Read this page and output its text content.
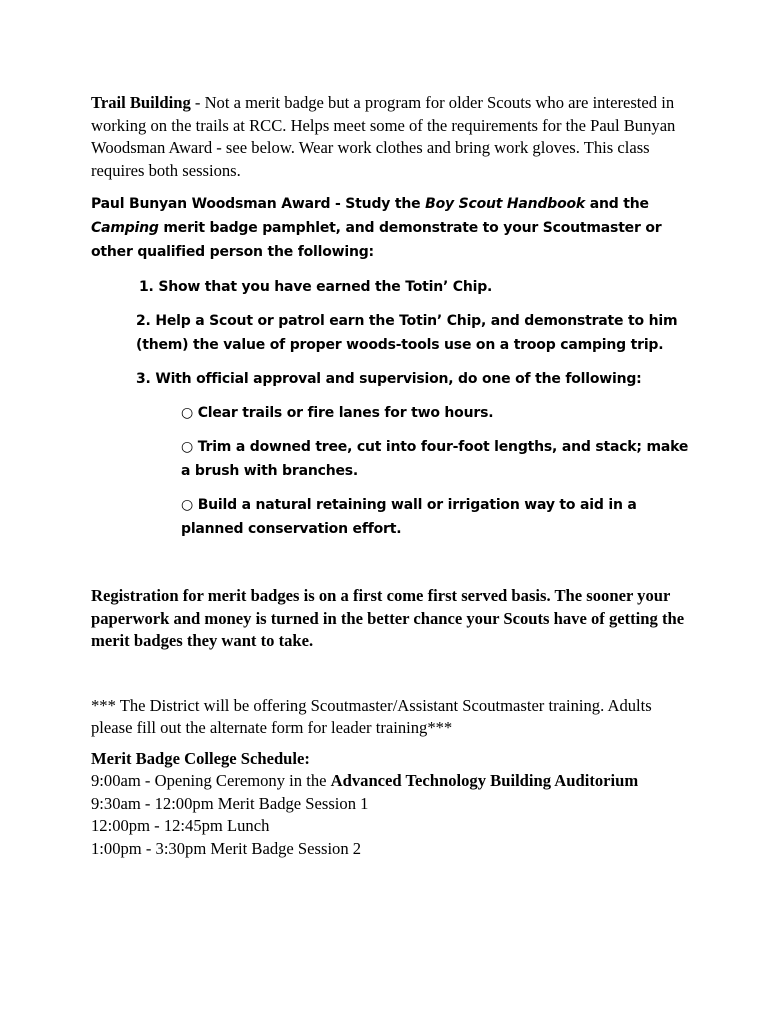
Trail Building - Not a merit badge but a program for older Scouts who are interested in working on the trails at RCC. Helps meet some of the requirements for the Paul Bunyan Woodsman Award - see below. Wear work clothes and bring work gloves. This class requires both sessions.

Paul Bunyan Woodsman Award - Study the Boy Scout Handbook and the Camping merit badge pamphlet, and demonstrate to your Scoutmaster or other qualified person the following:

1. Show that you have earned the Totin’ Chip.

2. Help a Scout or patrol earn the Totin’ Chip, and demonstrate to him (them) the value of proper woods-tools use on a troop camping trip.

3. With official approval and supervision, do one of the following:

○ Clear trails or fire lanes for two hours.

○ Trim a downed tree, cut into four-foot lengths, and stack; make a brush with branches.

○ Build a natural retaining wall or irrigation way to aid in a planned conservation effort.

Registration for merit badges is on a first come first served basis. The sooner your paperwork and money is turned in the better chance your Scouts have of getting the merit badges they want to take.

*** The District will be offering Scoutmaster/Assistant Scoutmaster training. Adults please fill out the alternate form for leader training***

Merit Badge College Schedule:
9:00am - Opening Ceremony in the Advanced Technology Building Auditorium
9:30am - 12:00pm Merit Badge Session 1
12:00pm - 12:45pm Lunch
1:00pm - 3:30pm Merit Badge Session 2
